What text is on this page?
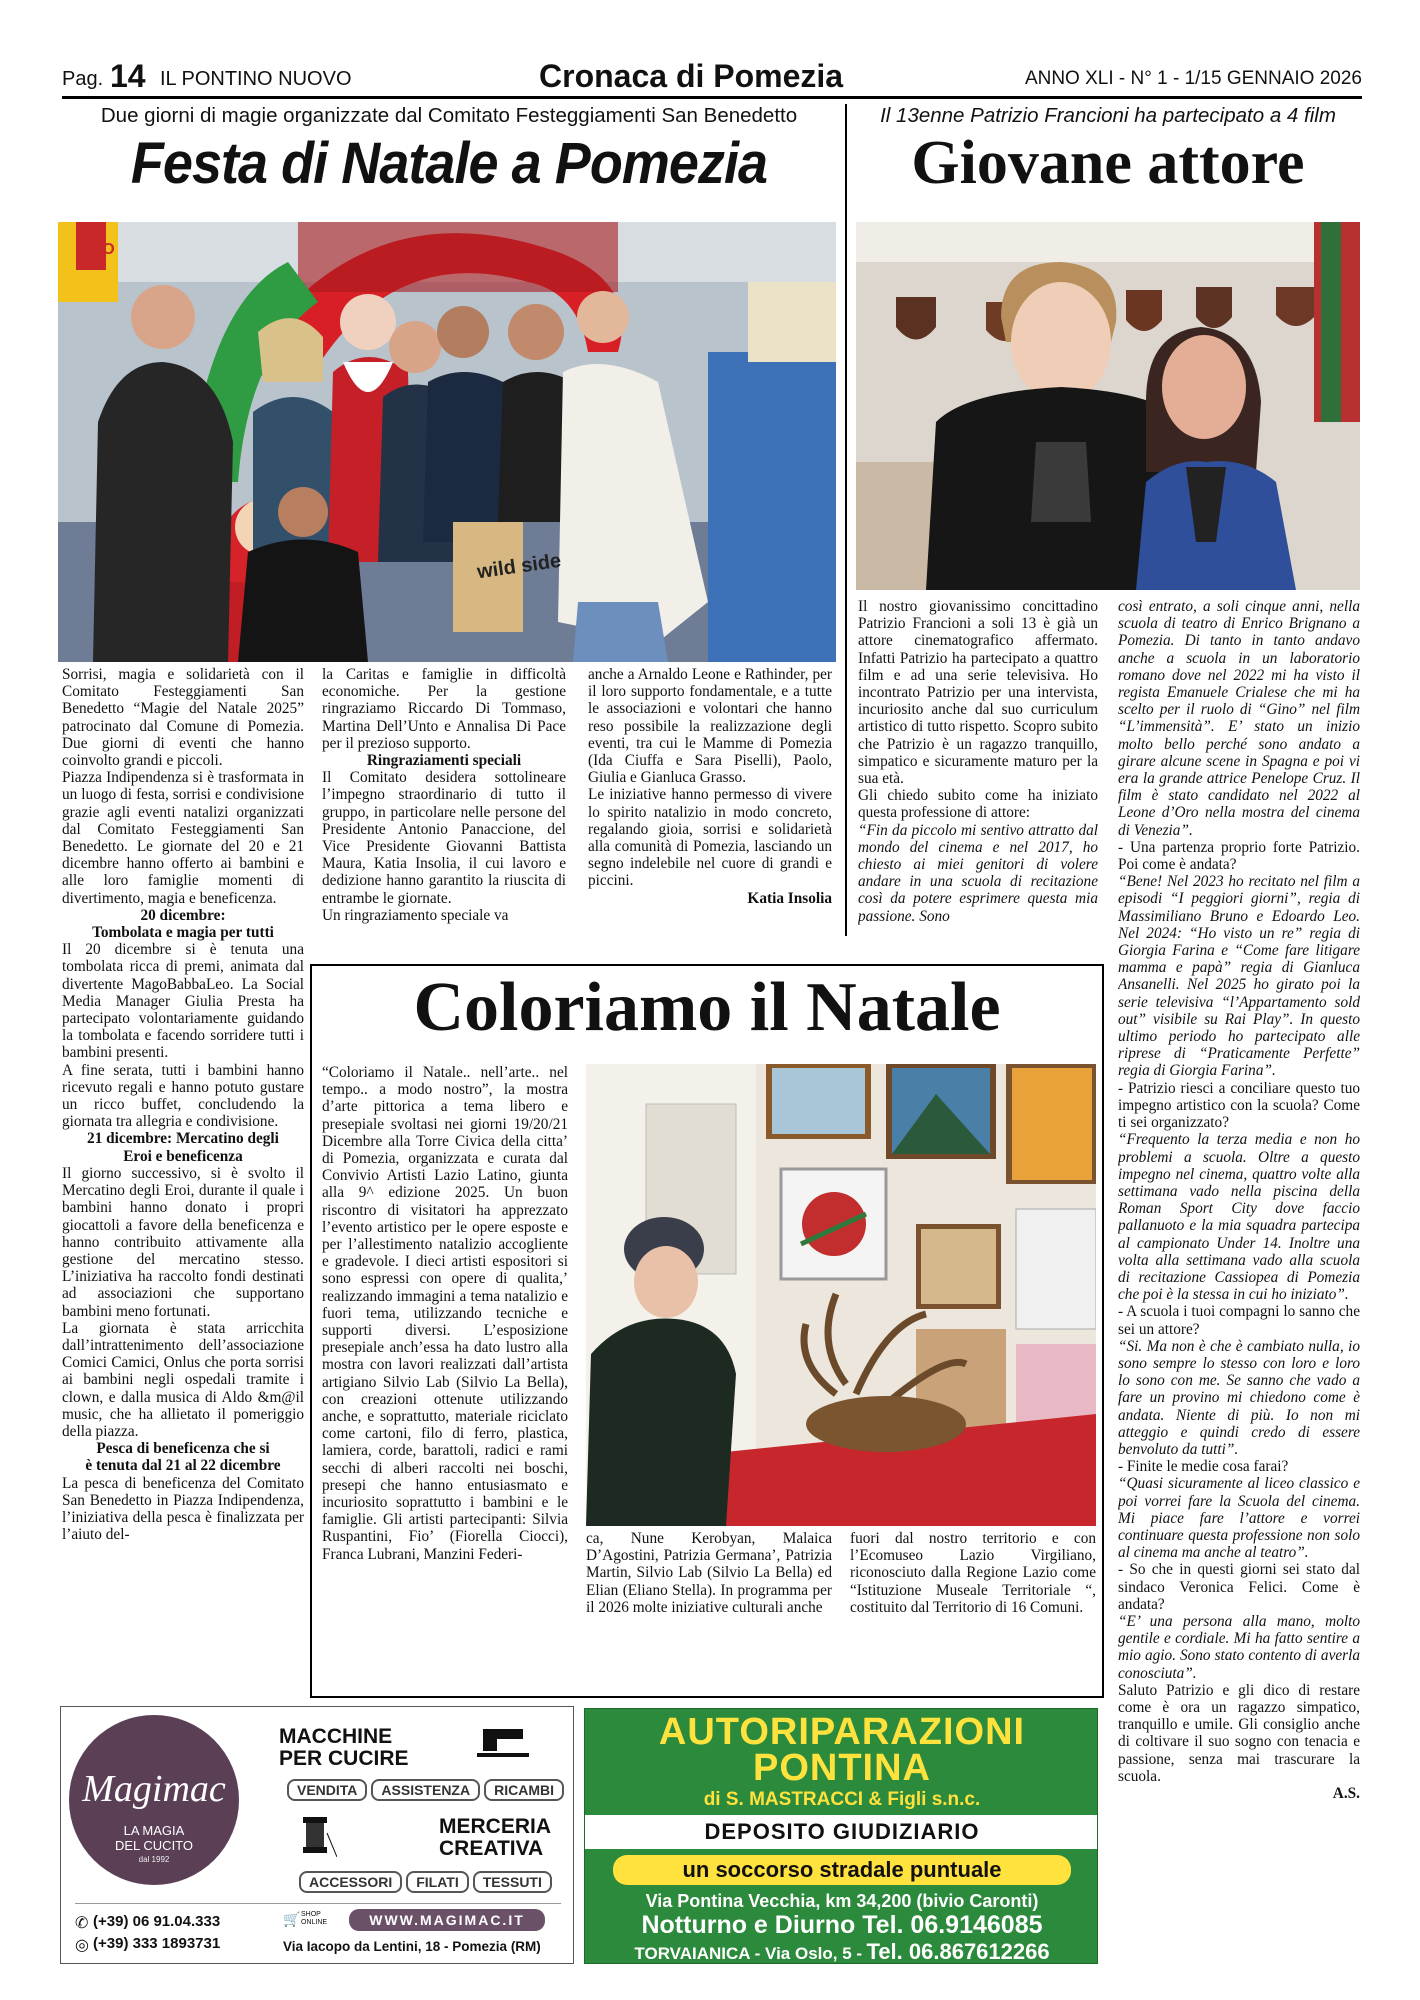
Pag. 14 IL PONTINO NUOVO	Cronaca di Pomezia	ANNO XLI - N° 1 - 1/15 GENNAIO 2026
Due giorni di magie organizzate dal Comitato Festeggiamenti San Benedetto
Festa di Natale a Pomezia
ERO
wild side

Sorrisi, magia e solidarietà con il Comitato Festeggiamenti San Benedetto “Magie del Natale 2025” patrocinato dal Comune di Pomezia. Due giorni di eventi che hanno coinvolto grandi e piccoli.

Piazza Indipendenza si è trasformata in un luogo di festa, sorrisi e condivisione grazie agli eventi natalizi organizzati dal Comitato Festeggiamenti San Benedetto. Le giornate del 20 e 21 dicembre hanno offerto ai bambini e alle loro famiglie momenti di divertimento, magia e beneficenza.

20 dicembre:

Tombolata e magia per tutti

Il 20 dicembre si è tenuta una tombolata ricca di premi, animata dal divertente MagoBabbaLeo. La Social Media Manager Giulia Presta ha partecipato volontariamente guidando la tombolata e facendo sorridere tutti i bambini presenti.

A fine serata, tutti i bambini hanno ricevuto regali e hanno potuto gustare un ricco buffet, concludendo la giornata tra allegria e condivisione.

21 dicembre: Mercatino degli

Eroi e beneficenza

Il giorno successivo, si è svolto il Mercatino degli Eroi, durante il quale i bambini hanno donato i propri giocattoli a favore della beneficenza e hanno contribuito attivamente alla gestione del mercatino stesso. L’iniziativa ha raccolto fondi destinati ad associazioni che supportano bambini meno fortunati.

La giornata è stata arricchita dall’intrattenimento dell’associazione Comici Camici, Onlus che porta sorrisi ai bambini negli ospedali tramite i clown, e dalla musica di Aldo &m@il music, che ha allietato il pomeriggio della piazza.

Pesca di beneficenza che si

è tenuta dal 21 al 22 dicembre

La pesca di beneficenza del Comitato San Benedetto in Piazza Indipendenza, l’iniziativa della pesca è finalizzata per l’aiuto del-

la Caritas e famiglie in difficoltà economiche. Per la gestione ringraziamo Riccardo Di Tommaso, Martina Dell’Unto e Annalisa Di Pace per il prezioso supporto.

Ringraziamenti speciali

Il Comitato desidera sottolineare l’impegno straordinario di tutto il gruppo, in particolare nelle persone del Presidente Antonio Panaccione, del Vice Presidente Giovanni Battista Maura, Katia Insolia, il cui lavoro e dedizione hanno garantito la riuscita di entrambe le giornate.

Un ringraziamento speciale va

anche a Arnaldo Leone e Rathinder, per il loro supporto fondamentale, e a tutte le associazioni e volontari che hanno reso possibile la realizzazione degli eventi, tra cui le Mamme di Pomezia (Ida Ciuffa e Sara Piselli), Paolo, Giulia e Gianluca Grasso.

Le iniziative hanno permesso di vivere lo spirito natalizio in modo concreto, regalando gioia, sorrisi e solidarietà alla comunità di Pomezia, lasciando un segno indelebile nel cuore di grandi e piccini.

Katia Insolia

Il 13enne Patrizio Francioni ha partecipato a 4 film
Giovane attore

Il nostro giovanissimo concittadino Patrizio Francioni a soli 13 è già un attore cinematografico affermato. Infatti Patrizio ha partecipato a quattro film e ad una serie televisiva. Ho incontrato Patrizio per una intervista, incuriosito anche dal suo curriculum artistico di tutto rispetto. Scopro subito che Patrizio è un ragazzo tranquillo, simpatico e sicuramente maturo per la sua età.

Gli chiedo subito come ha iniziato questa professione di attore:

“Fin da piccolo mi sentivo attratto dal mondo del cinema e nel 2017, ho chiesto ai miei genitori di volere andare in una scuola di recitazione così da potere esprimere questa mia passione. Sono

così entrato, a soli cinque anni, nella scuola di teatro di Enrico Brignano a Pomezia. Di tanto in tanto andavo anche a scuola in un laboratorio romano dove nel 2022 mi ha visto il regista Emanuele Crialese che mi ha scelto per il ruolo di “Gino” nel film “L’immensità”. E’ stato un inizio molto bello perché sono andato a girare alcune scene in Spagna e poi vi era la grande attrice Penelope Cruz. Il film è stato candidato nel 2022 al Leone d’Oro nella mostra del cinema di Venezia”.

- Una partenza proprio forte Patrizio. Poi come è andata?

“Bene! Nel 2023 ho recitato nel film a episodi “I peggiori giorni”, regia di Massimiliano Bruno e Edoardo Leo. Nel 2024: “Ho visto un re” regia di Giorgia Farina e “Come fare litigare mamma e papà” regia di Gianluca Ansanelli. Nel 2025 ho girato poi la serie televisiva “l’Appartamento sold out” visibile su Rai Play”. In questo ultimo periodo ho partecipato alle riprese di “Praticamente Perfette” regia di Giorgia Farina”.

- Patrizio riesci a conciliare questo tuo impegno artistico con la scuola? Come ti sei organizzato?

“Frequento la terza media e non ho problemi a scuola. Oltre a questo impegno nel cinema, quattro volte alla settimana vado nella piscina della Roman Sport City dove faccio pallanuoto e la mia squadra partecipa al campionato Under 14. Inoltre una volta alla settimana vado alla scuola di recitazione Cassiopea di Pomezia che poi è la stessa in cui ho iniziato”.

- A scuola i tuoi compagni lo sanno che sei un attore?

“Si. Ma non è che è cambiato nulla, io sono sempre lo stesso con loro e loro lo sono con me. Se sanno che vado a fare un provino mi chiedono come è andata. Niente di più. Io non mi atteggio e quindi credo di essere benvoluto da tutti”.

- Finite le medie cosa farai?

“Quasi sicuramente al liceo classico e poi vorrei fare la Scuola del cinema. Mi piace fare l’attore e vorrei continuare questa professione non solo al cinema ma anche al teatro”.

- So che in questi giorni sei stato dal sindaco Veronica Felici. Come è andata?

“E’ una persona alla mano, molto gentile e cordiale. Mi ha fatto sentire a mio agio. Sono stato contento di averla conosciuta”.

Saluto Patrizio e gli dico di restare come è ora un ragazzo simpatico, tranquillo e umile. Gli consiglio anche di coltivare il suo sogno con tenacia e passione, senza mai trascurare la scuola.

A.S.

Coloriamo il Natale

“Coloriamo il Natale.. nell’arte.. nel tempo.. a modo nostro”, la mostra d’arte pittorica a tema libero e presepiale svoltasi nei giorni 19/20/21 Dicembre alla Torre Civica della citta’ di Pomezia, organizzata e curata dal Convivio Artisti Lazio Latino, giunta alla 9^ edizione 2025. Un buon riscontro di visitatori ha apprezzato l’evento artistico per le opere esposte e per l’allestimento natalizio accogliente e gradevole. I dieci artisti espositori si sono espressi con opere di qualita,’ realizzando immagini a tema natalizio e fuori tema, utilizzando tecniche e supporti diversi. L’esposizione presepiale anch’essa ha dato lustro alla mostra con lavori realizzati dall’artista artigiano Silvio Lab (Silvio La Bella), con creazioni ottenute utilizzando anche, e soprattutto, materiale riciclato come cartoni, filo di ferro, plastica, lamiera, corde, barattoli, radici e rami secchi di alberi raccolti nei boschi, presepi che hanno entusiasmato e incuriosito soprattutto i bambini e le famiglie. Gli artisti partecipanti: Silvia Ruspantini, Fio’ (Fiorella Ciocci), Franca Lubrani, Manzini Federi-

ca, Nune Kerobyan, Malaica D’Agostini, Patrizia Germana’, Patrizia Martin, Silvio Lab (Silvio La Bella) ed Elian (Eliano Stella). In programma per il 2026 molte iniziative culturali anche

fuori dal nostro territorio e con l’Ecomuseo Lazio Virgiliano, riconosciuto dalla Regione Lazio come “Istituzione Museale Territoriale “, costituito dal Territorio di 16 Comuni.

Magimac
LA MAGIA
DEL CUCITO
dal 1992
MACCHINE
PER CUCIRE
VENDITA ASSISTENZA RICAMBI
MERCERIA
CREATIVA
ACCESSORI FILATI TESSUTI
✆ (+39) 06 91.04.333
◎ (+39) 333 1893731
🛒 SHOP ONLINE	WWW.MAGIMAC.IT
Via Iacopo da Lentini, 18 - Pomezia (RM)
AUTORIPARAZIONI
PONTINA
di S. MASTRACCI & Figli s.n.c.
DEPOSITO GIUDIZIARIO
un soccorso stradale puntuale
Via Pontina Vecchia, km 34,200 (bivio Caronti)
Notturno e Diurno Tel. 06.9146085
TORVAIANICA - Via Oslo, 5 - Tel. 06.867612266
